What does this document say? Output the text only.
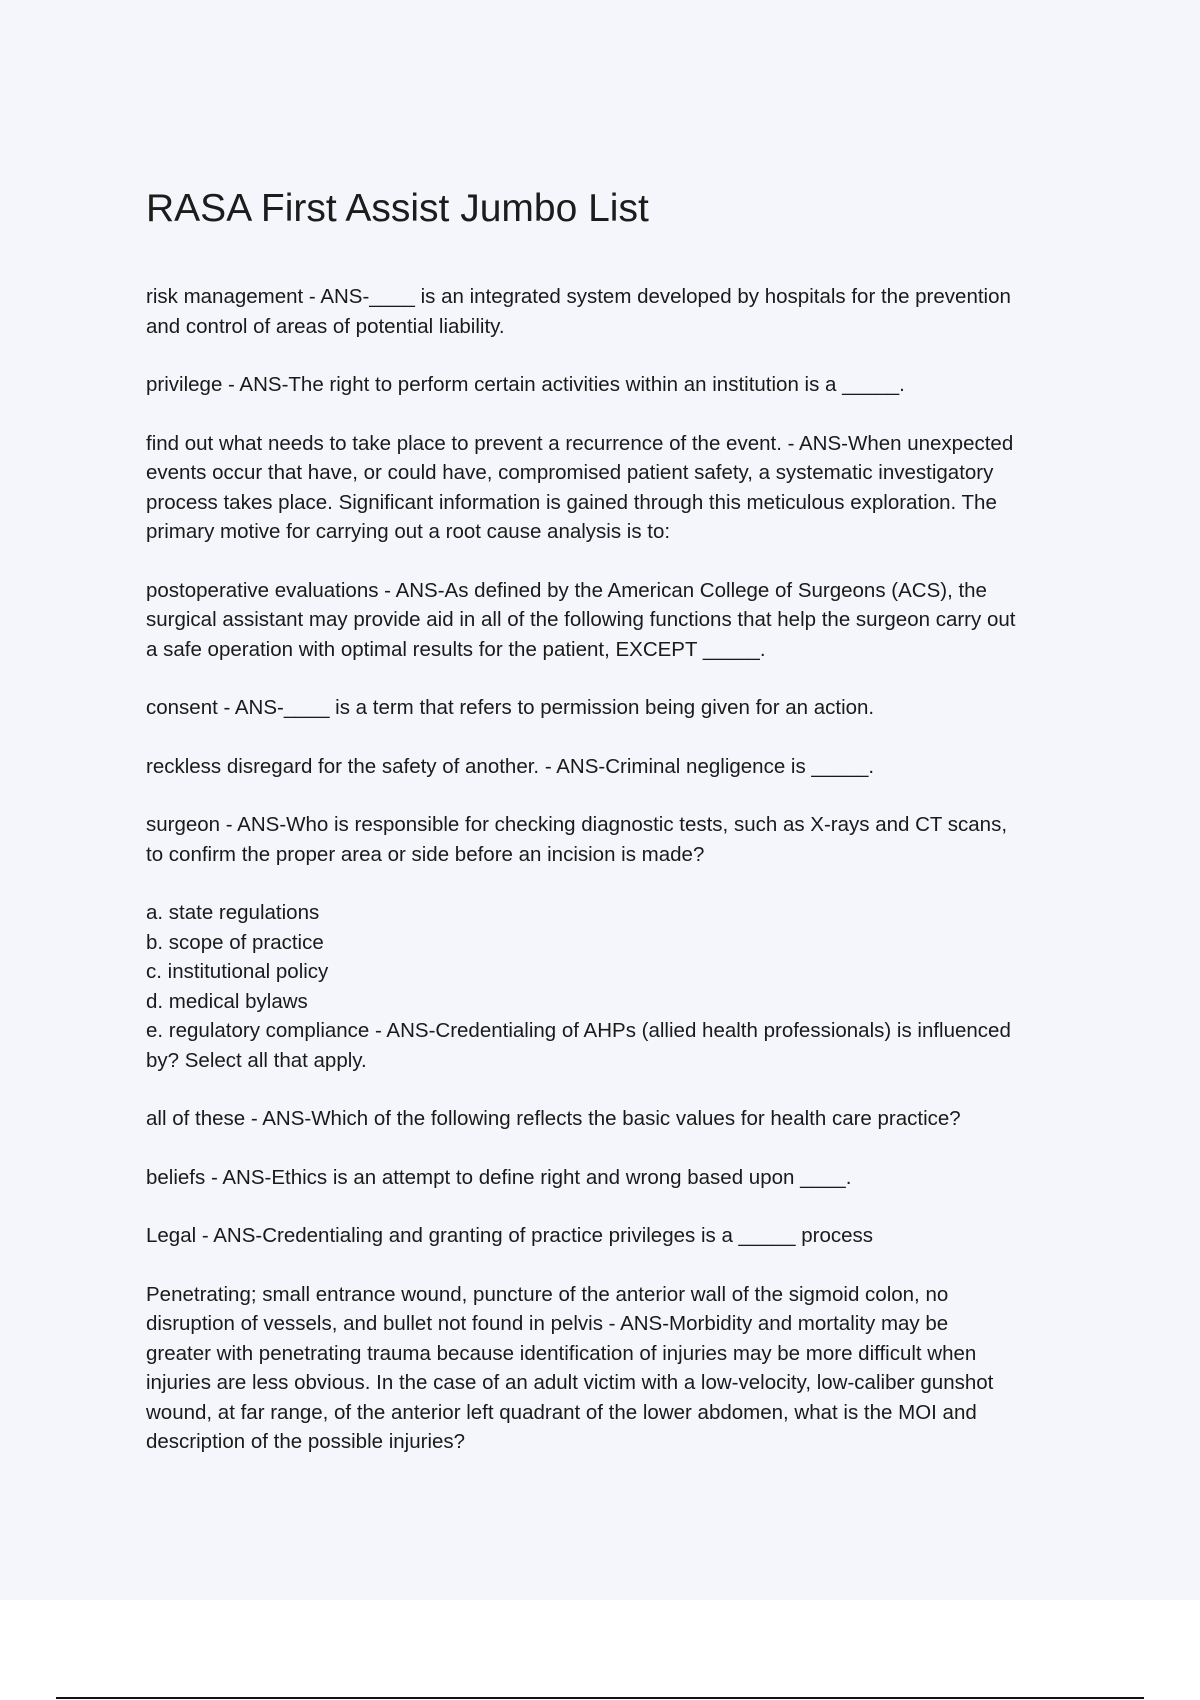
RASA First Assist Jumbo List
risk management - ANS-____ is an integrated system developed by hospitals for the prevention
and control of areas of potential liability.
privilege - ANS-The right to perform certain activities within an institution is a _____.
find out what needs to take place to prevent a recurrence of the event. - ANS-When unexpected
events occur that have, or could have, compromised patient safety, a systematic investigatory
process takes place. Significant information is gained through this meticulous exploration. The
primary motive for carrying out a root cause analysis is to:
postoperative evaluations - ANS-As defined by the American College of Surgeons (ACS), the
surgical assistant may provide aid in all of the following functions that help the surgeon carry out
a safe operation with optimal results for the patient, EXCEPT _____.
consent - ANS-____ is a term that refers to permission being given for an action.
reckless disregard for the safety of another. - ANS-Criminal negligence is _____.
surgeon - ANS-Who is responsible for checking diagnostic tests, such as X-rays and CT scans,
to confirm the proper area or side before an incision is made?
a. state regulations
b. scope of practice
c. institutional policy
d. medical bylaws
e. regulatory compliance - ANS-Credentialing of AHPs (allied health professionals) is influenced
by? Select all that apply.
all of these - ANS-Which of the following reflects the basic values for health care practice?
beliefs - ANS-Ethics is an attempt to define right and wrong based upon ____.
Legal - ANS-Credentialing and granting of practice privileges is a _____ process
Penetrating; small entrance wound, puncture of the anterior wall of the sigmoid colon, no
disruption of vessels, and bullet not found in pelvis - ANS-Morbidity and mortality may be
greater with penetrating trauma because identification of injuries may be more difficult when
injuries are less obvious. In the case of an adult victim with a low-velocity, low-caliber gunshot
wound, at far range, of the anterior left quadrant of the lower abdomen, what is the MOI and
description of the possible injuries?
